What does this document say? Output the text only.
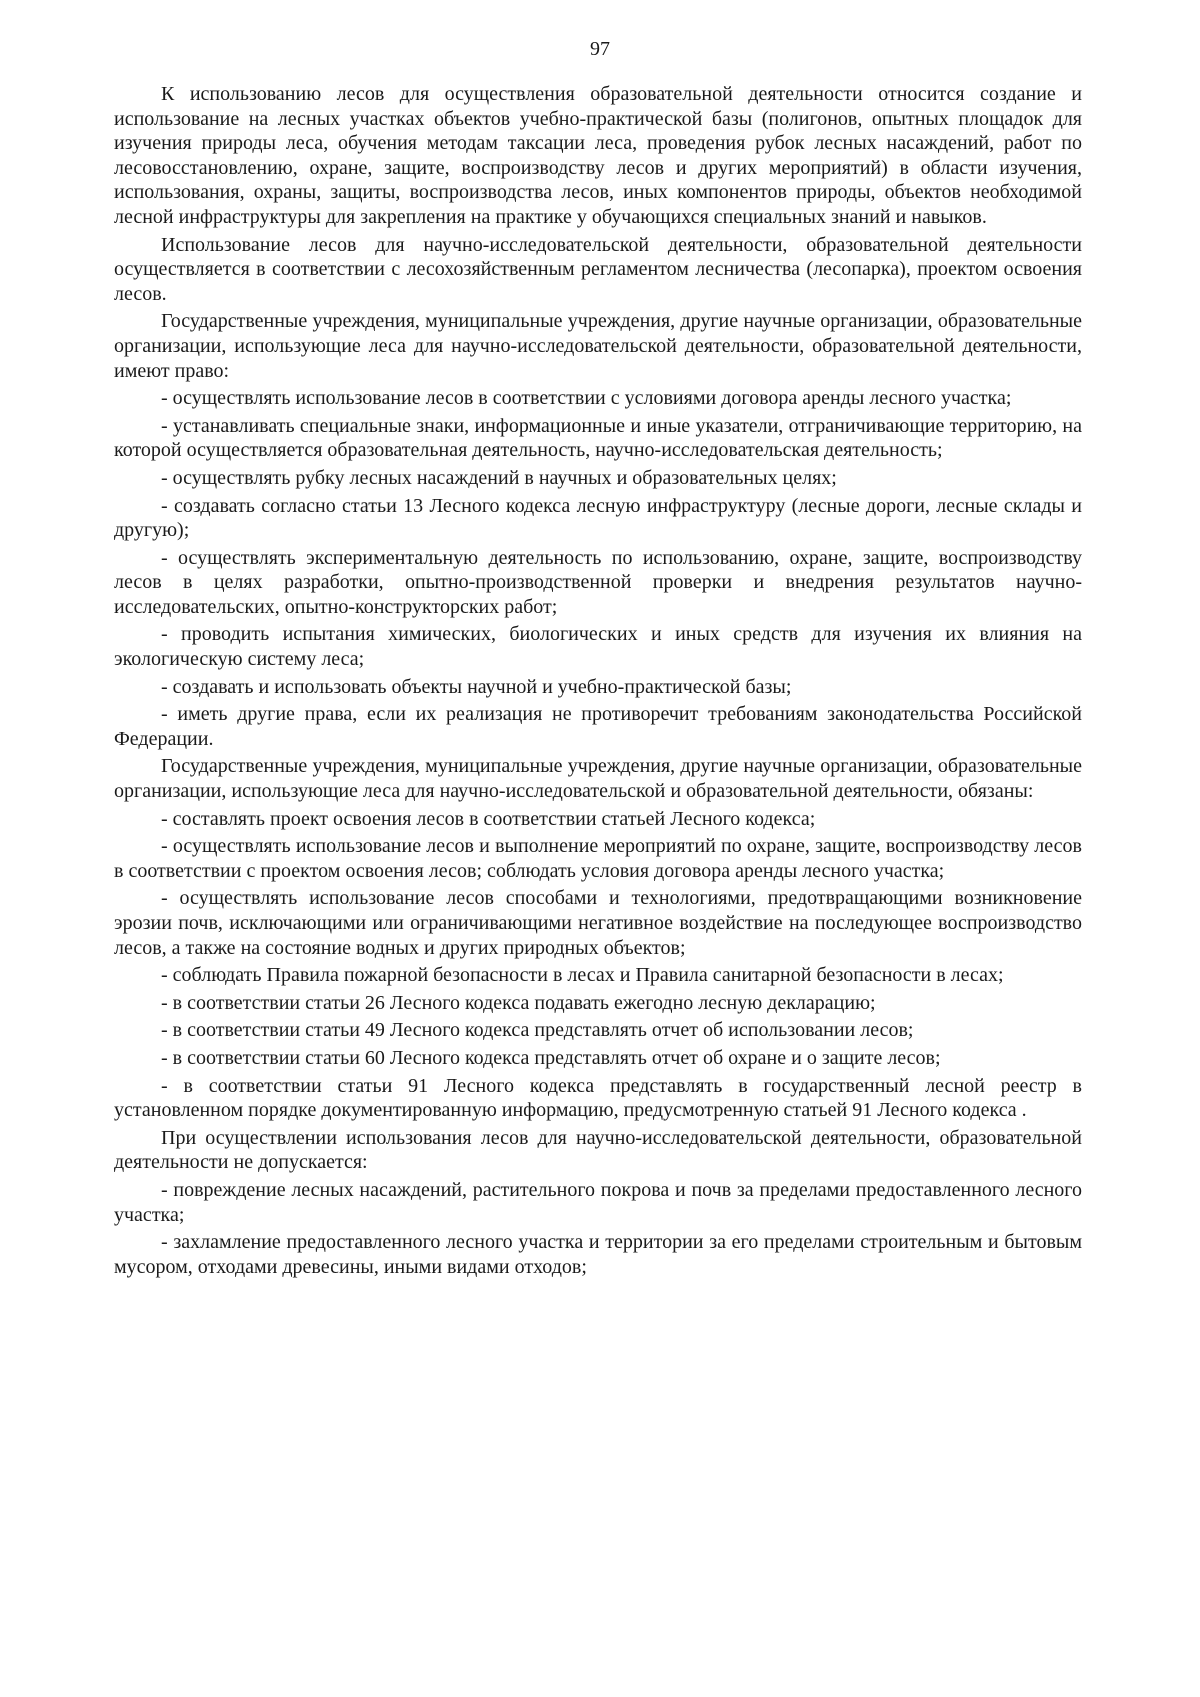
97

К использованию лесов для осуществления образовательной деятельности относится создание и использование на лесных участках объектов учебно-практической базы (полигонов, опытных площадок для изучения природы леса, обучения методам таксации леса, проведения рубок лесных насаждений, работ по лесовосстановлению, охране, защите, воспроизводству лесов и других мероприятий) в области изучения, использования, охраны, защиты, воспроизводства лесов, иных компонентов природы, объектов необходимой лесной инфраструктуры для закрепления на практике у обучающихся специальных знаний и навыков.

Использование лесов для научно-исследовательской деятельности, образовательной деятельности осуществляется в соответствии с лесохозяйственным регламентом лесничества (лесопарка), проектом освоения лесов.

Государственные учреждения, муниципальные учреждения, другие научные организации, образовательные организации, использующие леса для научно-исследовательской деятельности, образовательной деятельности, имеют право:

- осуществлять использование лесов в соответствии с условиями договора аренды лесного участка;

- устанавливать специальные знаки, информационные и иные указатели, отграничивающие территорию, на которой осуществляется образовательная деятельность, научно-исследовательская деятельность;

- осуществлять рубку лесных насаждений в научных и образовательных целях;

- создавать согласно статьи 13 Лесного кодекса лесную инфраструктуру (лесные дороги, лесные склады и другую);

- осуществлять экспериментальную деятельность по использованию, охране, защите, воспроизводству лесов в целях разработки, опытно-производственной проверки и внедрения результатов научно-исследовательских, опытно-конструкторских работ;

- проводить испытания химических, биологических и иных средств для изучения их влияния на экологическую систему леса;

- создавать и использовать объекты научной и учебно-практической базы;

- иметь другие права, если их реализация не противоречит требованиям законодательства Российской Федерации.

Государственные учреждения, муниципальные учреждения, другие научные организации, образовательные организации, использующие леса для научно-исследовательской и образовательной деятельности, обязаны:

- составлять проект освоения лесов в соответствии статьей Лесного кодекса;

- осуществлять использование лесов и выполнение мероприятий по охране, защите, воспроизводству лесов в соответствии с проектом освоения лесов; соблюдать условия договора аренды лесного участка;

- осуществлять использование лесов способами и технологиями, предотвращающими возникновение эрозии почв, исключающими или ограничивающими негативное воздействие на последующее воспроизводство лесов, а также на состояние водных и других природных объектов;

- соблюдать Правила пожарной безопасности в лесах и Правила санитарной безопасности в лесах;

- в соответствии статьи 26 Лесного кодекса подавать ежегодно лесную декларацию;

- в соответствии статьи 49 Лесного кодекса представлять отчет об использовании лесов;

- в соответствии статьи 60 Лесного кодекса представлять отчет об охране и о защите лесов;

- в соответствии статьи 91 Лесного кодекса представлять в государственный лесной реестр в установленном порядке документированную информацию, предусмотренную статьей 91 Лесного кодекса .

При осуществлении использования лесов для научно-исследовательской деятельности, образовательной деятельности не допускается:

- повреждение лесных насаждений, растительного покрова и почв за пределами предоставленного лесного участка;

- захламление предоставленного лесного участка и территории за его пределами строительным и бытовым мусором, отходами древесины, иными видами отходов;
